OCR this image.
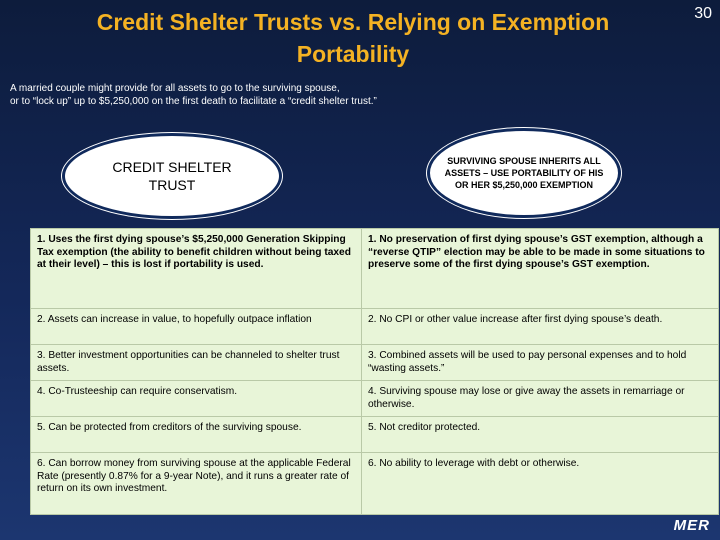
Credit Shelter Trusts vs. Relying on Exemption
Portability
30
A married couple might provide for all assets to go to the surviving spouse,
or to “lock up” up to $5,250,000 on the first death to facilitate a “credit shelter trust.”
CREDIT SHELTER
TRUST
SURVIVING SPOUSE INHERITS ALL ASSETS – USE PORTABILITY OF HIS OR HER $5,250,000 EXEMPTION
1. Uses the first dying spouse’s $5,250,000 Generation Skipping Tax exemption (the ability to benefit children without being taxed at their level) – this is lost if portability is used.	1. No preservation of first dying spouse’s GST exemption, although a “reverse QTIP” election may be able to be made in some situations to preserve some of the first dying spouse’s GST exemption.
2. Assets can increase in value, to hopefully outpace inflation	2. No CPI or other value increase after first dying spouse’s death.
3. Better investment opportunities can be channeled to shelter trust assets.	3. Combined assets will be used to pay personal expenses and to hold “wasting assets.”
4. Co-Trusteeship can require conservatism.	4. Surviving spouse may lose or give away the assets in remarriage or otherwise.
5. Can be protected from creditors of the surviving spouse.	5. Not creditor protected.
6. Can borrow money from surviving spouse at the applicable Federal Rate (presently 0.87% for a 9-year Note), and it runs a greater rate of return on its own investment.	6. No ability to leverage with debt or otherwise.
MER
